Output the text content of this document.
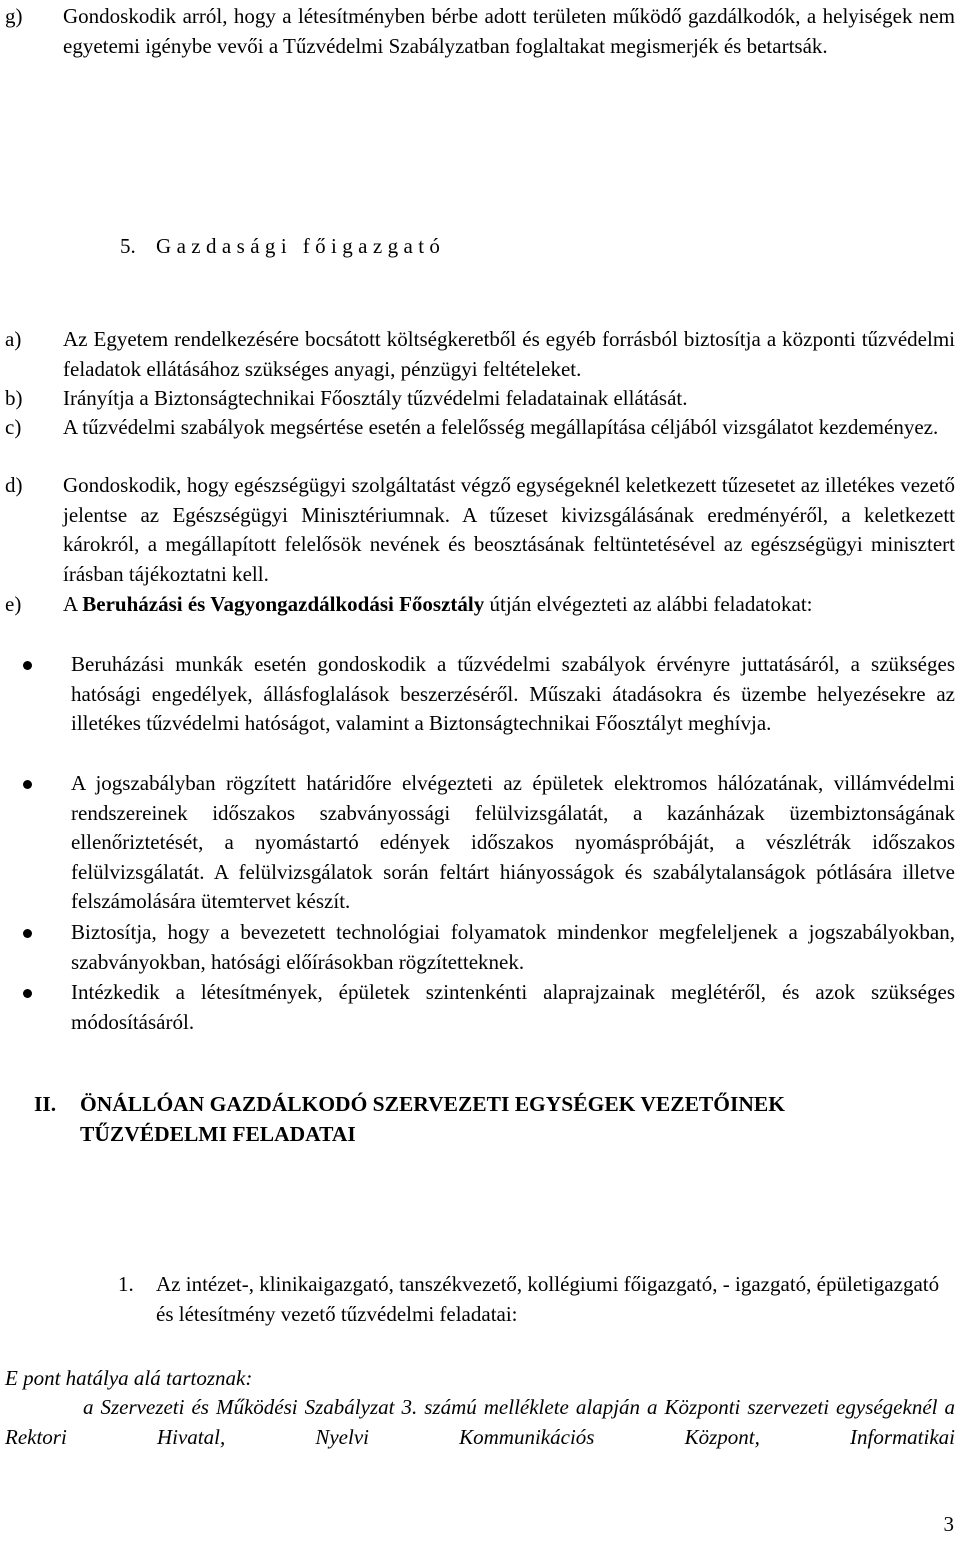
g) Gondoskodik arról, hogy a létesítményben bérbe adott területen működő gazdálkodók, a helyiségek nem egyetemi igénybe vevői a Tűzvédelmi Szabályzatban foglaltakat megismerjék és betartsák.
5. Gazdasági főigazgató
a) Az Egyetem rendelkezésére bocsátott költségkeretből és egyéb forrásból biztosítja a központi tűzvédelmi feladatok ellátásához szükséges anyagi, pénzügyi feltételeket.
b) Irányítja a Biztonságtechnikai Főosztály tűzvédelmi feladatainak ellátását.
c) A tűzvédelmi szabályok megsértése esetén a felelősség megállapítása céljából vizsgálatot kezdeményez.
d) Gondoskodik, hogy egészségügyi szolgáltatást végző egységeknél keletkezett tűzesetet az illetékes vezető jelentse az Egészségügyi Minisztériumnak. A tűzeset kivizsgálásának eredményéről, a keletkezett károkról, a megállapított felelősök nevének és beosztásának feltüntetésével az egészségügyi minisztert írásban tájékoztatni kell.
e) A Beruházási és Vagyongazdálkodási Főosztály útján elvégezteti az alábbi feladatokat:
Beruházási munkák esetén gondoskodik a tűzvédelmi szabályok érvényre juttatásáról, a szükséges hatósági engedélyek, állásfoglalások beszerzéséről. Műszaki átadásokra és üzembe helyezésekre az illetékes tűzvédelmi hatóságot, valamint a Biztonságtechnikai Főosztályt meghívja.
A jogszabályban rögzített határidőre elvégezteti az épületek elektromos hálózatának, villámvédelmi rendszereinek időszakos szabványossági felülvizsgálatát, a kazánházak üzembiztonságának ellenőriztetését, a nyomástartó edények időszakos nyomáspróbáját, a vészlétrák időszakos felülvizsgálatát. A felülvizsgálatok során feltárt hiányosságok és szabálytalanságok pótlására illetve felszámolására ütemtervet készít.
Biztosítja, hogy a bevezetett technológiai folyamatok mindenkor megfeleljenek a jogszabályokban, szabványokban, hatósági előírásokban rögzítetteknek.
Intézkedik a létesítmények, épületek szintenkénti alaprajzainak meglétéről, és azok szükséges módosításáról.
II. ÖNÁLLÓAN GAZDÁLKODÓ SZERVEZETI EGYSÉGEK VEZETŐINEK TŰZVÉDELMI FELADATAI
1. Az intézet-, klinikaigazgató, tanszékvezető, kollégiumi főigazgató, - igazgató, épületigazgató és létesítmény vezető tűzvédelmi feladatai:
E pont hatálya alá tartoznak:
a Szervezeti és Működési Szabályzat 3. számú melléklete alapján a Központi szervezeti egységeknél a Rektori Hivatal, Nyelvi Kommunikációs Központ, Informatikai
3
